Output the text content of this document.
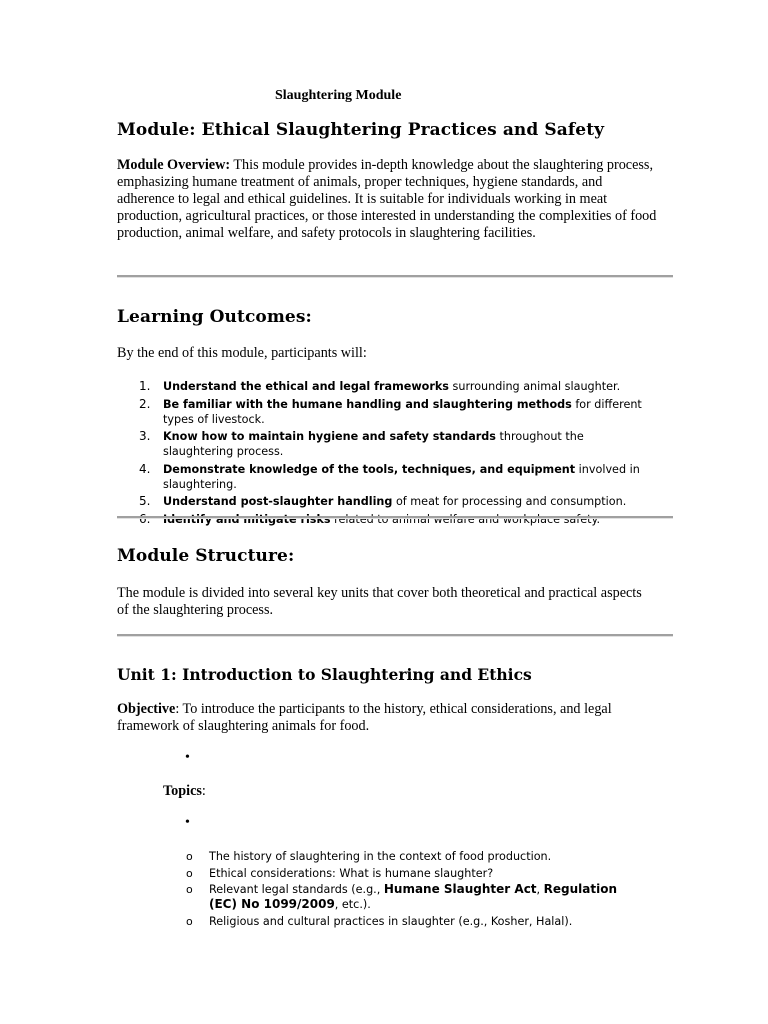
Slaughtering Module

Module: Ethical Slaughtering Practices and Safety

Module Overview: This module provides in-depth knowledge about the slaughtering process, emphasizing humane treatment of animals, proper techniques, hygiene standards, and adherence to legal and ethical guidelines. It is suitable for individuals working in meat production, agricultural practices, or those interested in understanding the complexities of food production, animal welfare, and safety protocols in slaughtering facilities.

Learning Outcomes:

By the end of this module, participants will:

1. Understand the ethical and legal frameworks surrounding animal slaughter.
2. Be familiar with the humane handling and slaughtering methods for different types of livestock.
3. Know how to maintain hygiene and safety standards throughout the slaughtering process.
4. Demonstrate knowledge of the tools, techniques, and equipment involved in slaughtering.
5. Understand post-slaughter handling of meat for processing and consumption.
6. Identify and mitigate risks related to animal welfare and workplace safety.
Module Structure:

The module is divided into several key units that cover both theoretical and practical aspects of the slaughtering process.

Unit 1: Introduction to Slaughtering and Ethics

Objective: To introduce the participants to the history, ethical considerations, and legal framework of slaughtering animals for food.

•

Topics:

•
o The history of slaughtering in the context of food production.
o Ethical considerations: What is humane slaughter?
o Relevant legal standards (e.g., Humane Slaughter Act, Regulation (EC) No 1099/2009, etc.).
o Religious and cultural practices in slaughter (e.g., Kosher, Halal).
